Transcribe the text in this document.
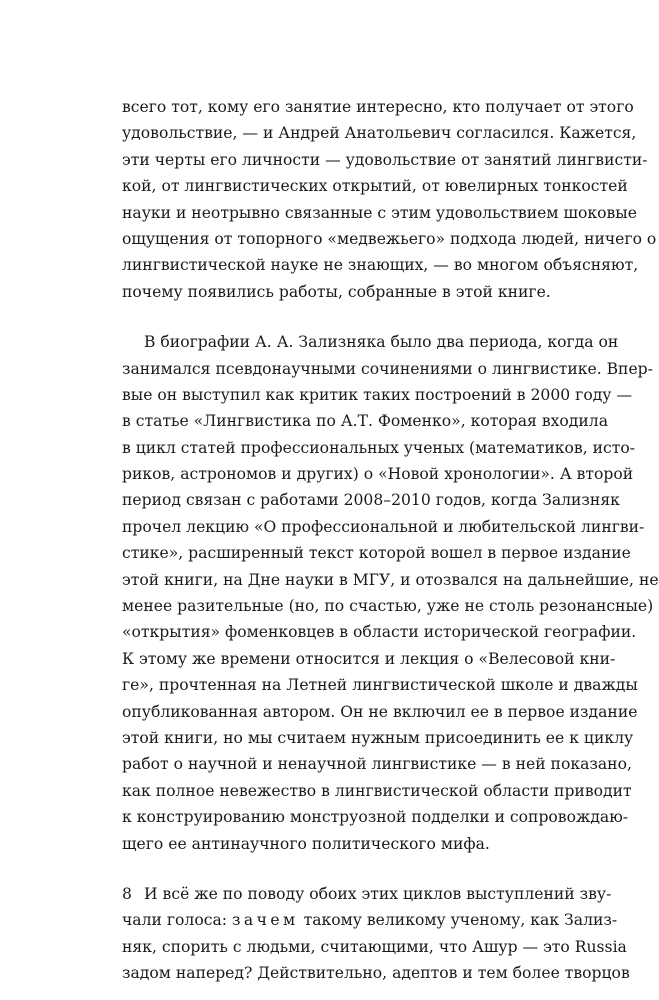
всего тот, кому его занятие интересно, кто получает от этого
удовольствие, — и Андрей Анатольевич согласился. Кажется,
эти черты его личности — удовольствие от занятий лингвисти-
кой, от лингвистических открытий, от ювелирных тонкостей
науки и неотрывно связанные с этим удовольствием шоковые
ощущения от топорного «медвежьего» подхода людей, ничего о
лингвистической науке не знающих, — во многом объясняют,
почему появились работы, собранные в этой книге.
В биографии А. А. Зализняка было два периода, когда он
занимался псевдонаучными сочинениями о лингвистике. Впер-
вые он выступил как критик таких построений в 2000 году —
в статье «Лингвистика по А.Т. Фоменко», которая входила
в цикл статей профессиональных ученых (математиков, исто-
риков, астрономов и других) о «Новой хронологии». А второй
период связан с работами 2008–2010 годов, когда Зализняк
прочел лекцию «О профессиональной и любительской лингви-
стике», расширенный текст которой вошел в первое издание
этой книги, на Дне науки в МГУ, и отозвался на дальнейшие, не
менее разительные (но, по счастью, уже не столь резонансные)
«открытия» фоменковцев в области исторической географии.
К этому же времени относится и лекция о «Велесовой кни-
ге», прочтенная на Летней лингвистической школе и дважды
опубликованная автором. Он не включил ее в первое издание
этой книги, но мы считаем нужным присоединить ее к циклу
работ о научной и ненаучной лингвистике — в ней показано,
как полное невежество в лингвистической области приводит
к конструированию монструозной подделки и сопровождаю-
щего ее антинаучного политического мифа.
И всё же по поводу обоих этих циклов выступлений зву-
чали голоса: зачем такому великому ученому, как Зализ-
няк, спорить с людьми, считающими, что Ашур — это Russia
задом наперед? Действительно, адептов и тем более творцов
8
